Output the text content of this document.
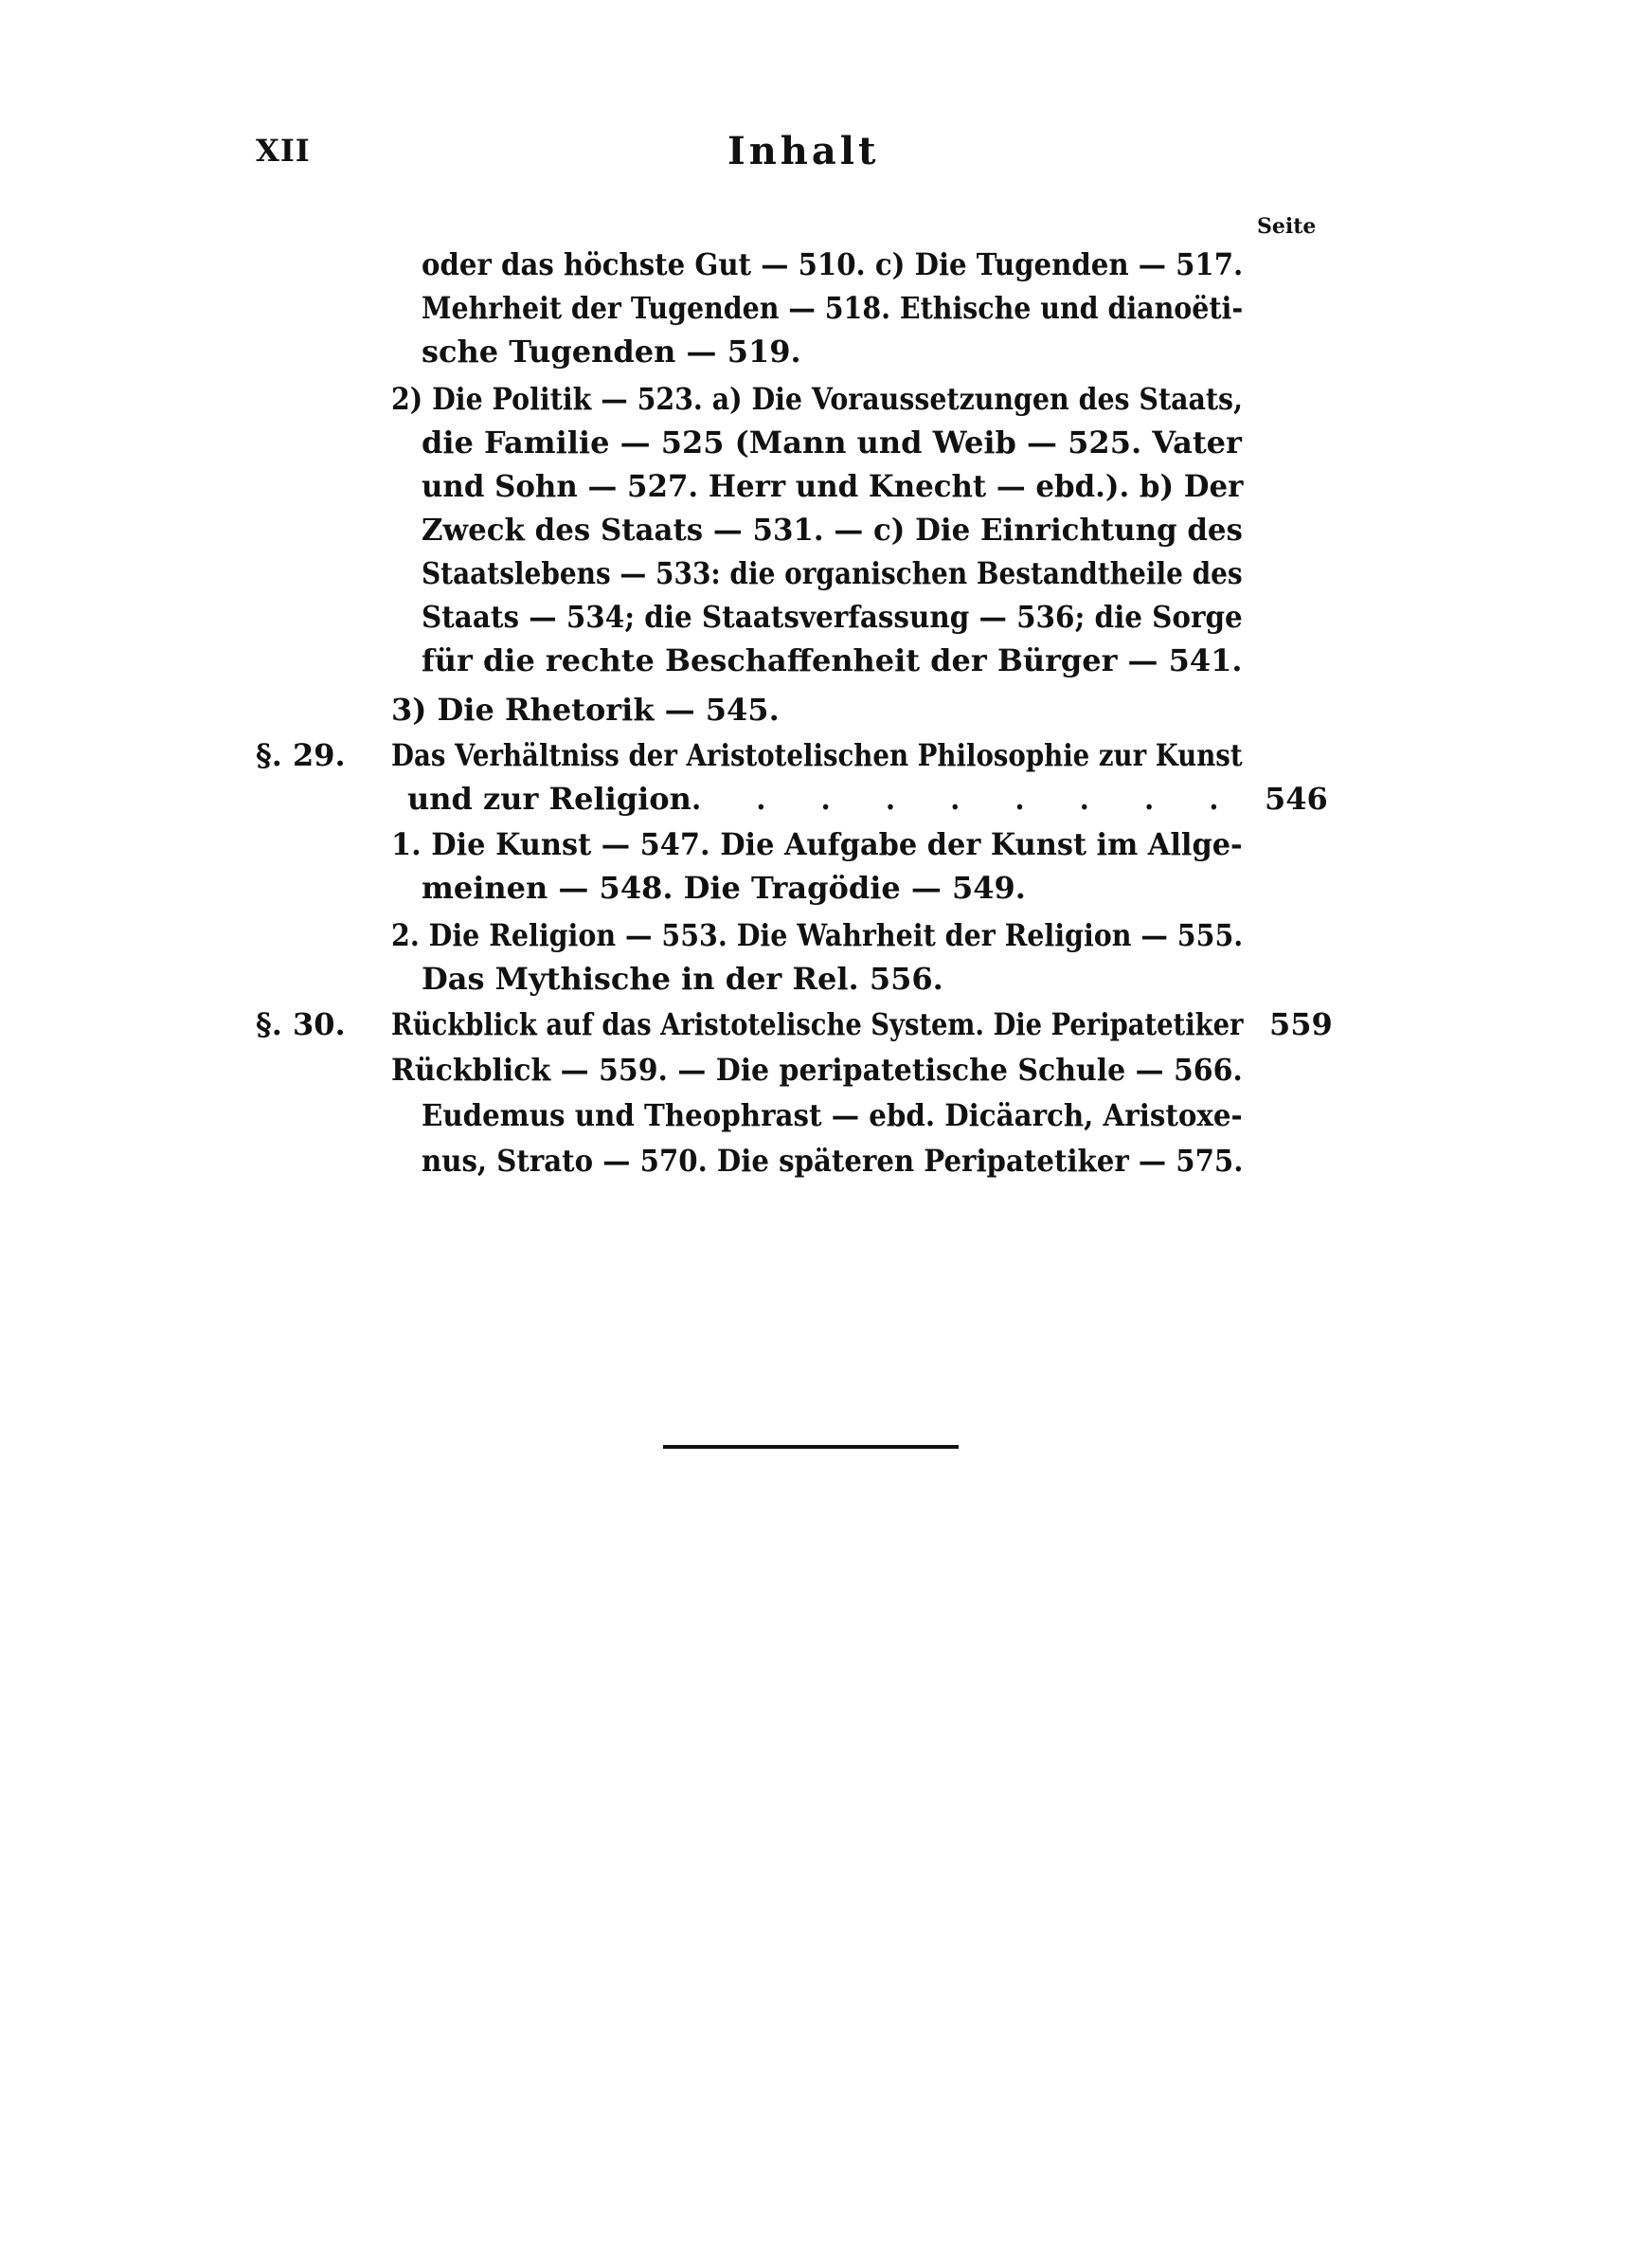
XII	Inhalt
Seite
oder das höchste Gut — 510. c) Die Tugenden — 517.
Mehrheit der Tugenden — 518. Ethische und dianoëti-
sche Tugenden — 519.
2) Die Politik — 523. a) Die Voraussetzungen des Staats,
die Familie — 525 (Mann und Weib — 525. Vater
und Sohn — 527. Herr und Knecht — ebd.). b) Der
Zweck des Staats — 531. — c) Die Einrichtung des
Staatslebens — 533: die organischen Bestandtheile des
Staats — 534; die Staatsverfassung — 536; die Sorge
für die rechte Beschaffenheit der Bürger — 541.
3) Die Rhetorik — 545.
§. 29. Das Verhältniss der Aristotelischen Philosophie zur Kunst
und zur Religion . . . . . . . . . 546
1. Die Kunst — 547. Die Aufgabe der Kunst im Allge-
meinen — 548. Die Tragödie — 549.
2. Die Religion — 553. Die Wahrheit der Religion — 555.
Das Mythische in der Rel. 556.
§. 30. Rückblick auf das Aristotelische System. Die Peripatetiker 559
Rückblick — 559. — Die peripatetische Schule — 566.
Eudemus und Theophrast — ebd. Dicäarch, Aristoxe-
nus, Strato — 570. Die späteren Peripatetiker — 575.
